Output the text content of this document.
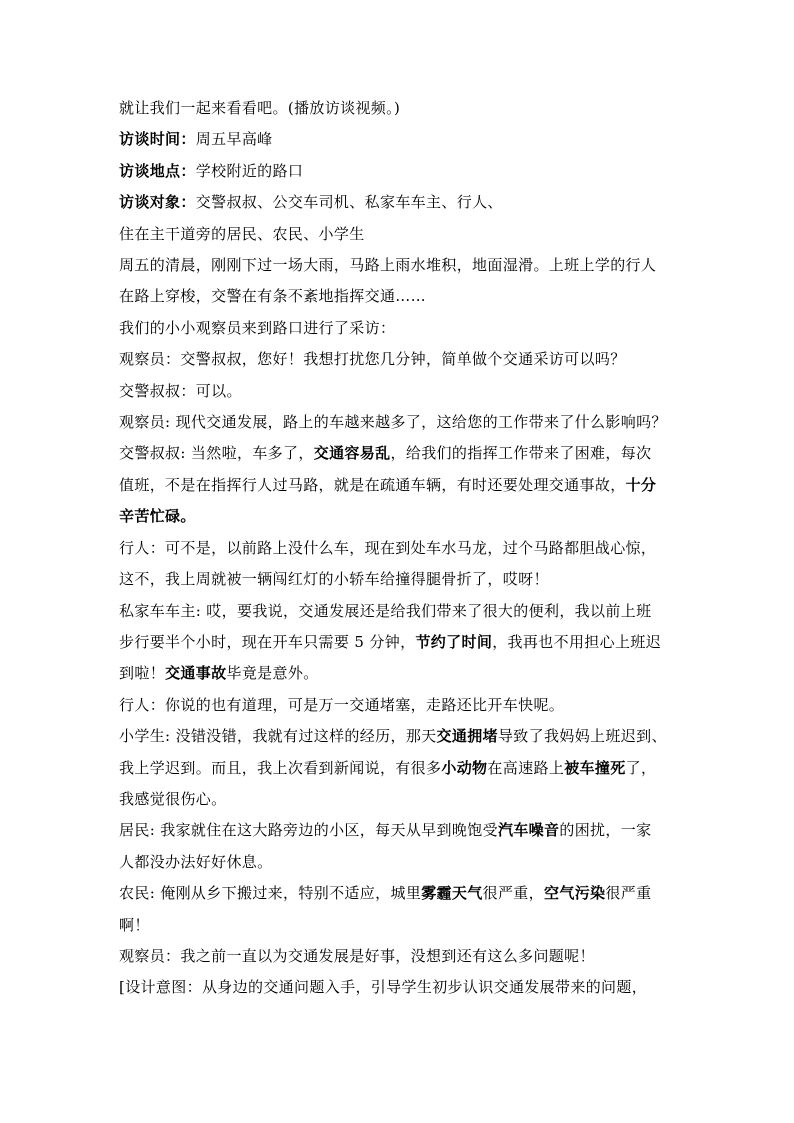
就让我们一起来看看吧。(播放访谈视频。)
访谈时间：周五早高峰
访谈地点：学校附近的路口
访谈对象：交警叔叔、公交车司机、私家车车主、行人、
住在主干道旁的居民、农民、小学生
周五的清晨，刚刚下过一场大雨，马路上雨水堆积，地面湿滑。上班上学的行人
在路上穿梭，交警在有条不紊地指挥交通……
我们的小小观察员来到路口进行了采访：
观察员：交警叔叔，您好！我想打扰您几分钟，简单做个交通采访可以吗？
交警叔叔：可以。
观察员: 现代交通发展，路上的车越来越多了，这给您的工作带来了什么影响吗？
交警叔叔: 当然啦，车多了，交通容易乱，给我们的指挥工作带来了困难，每次
值班，不是在指挥行人过马路，就是在疏通车辆，有时还要处理交通事故，十分
辛苦忙碌。
行人：可不是，以前路上没什么车，现在到处车水马龙，过个马路都胆战心惊，
这不，我上周就被一辆闯红灯的小轿车给撞得腿骨折了，哎呀！
私家车车主: 哎，要我说，交通发展还是给我们带来了很大的便利，我以前上班
步行要半个小时，现在开车只需要 5 分钟，节约了时间，我再也不用担心上班迟
到啦！交通事故毕竟是意外。
行人：你说的也有道理，可是万一交通堵塞，走路还比开车快呢。
小学生: 没错没错，我就有过这样的经历，那天交通拥堵导致了我妈妈上班迟到、
我上学迟到。而且，我上次看到新闻说，有很多小动物在高速路上被车撞死了，
我感觉很伤心。
居民: 我家就住在这大路旁边的小区，每天从早到晚饱受汽车噪音的困扰，一家
人都没办法好好休息。
农民: 俺刚从乡下搬过来，特别不适应，城里雾霾天气很严重，空气污染很严重
啊！
观察员：我之前一直以为交通发展是好事，没想到还有这么多问题呢！
[设计意图：从身边的交通问题入手，引导学生初步认识交通发展带来的问题，
